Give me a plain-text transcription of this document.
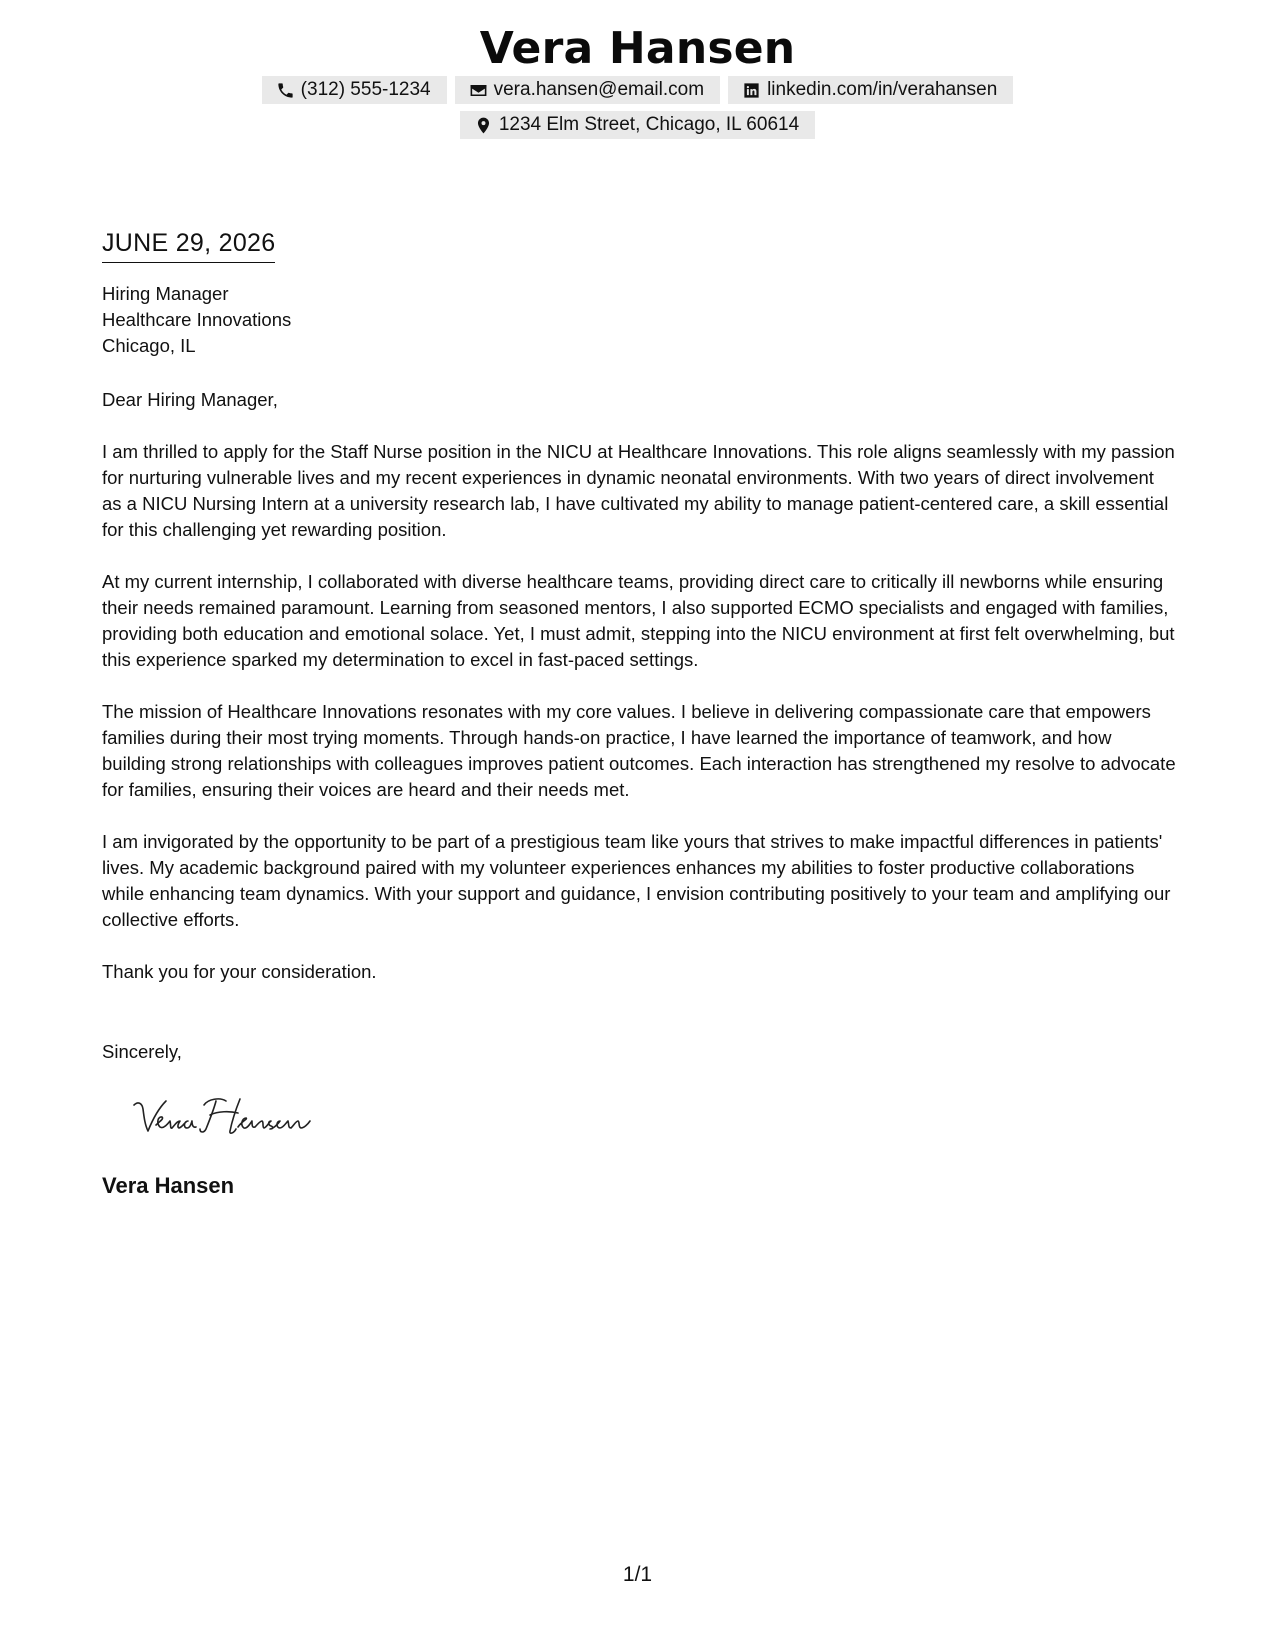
Vera Hansen
(312) 555-1234	vera.hansen@email.com	linkedin.com/in/verahansen
1234 Elm Street, Chicago, IL 60614
JUNE 29, 2026
Hiring Manager
Healthcare Innovations
Chicago, IL
Dear Hiring Manager,

I am thrilled to apply for the Staff Nurse position in the NICU at Healthcare Innovations. This role aligns seamlessly with my passion for nurturing vulnerable lives and my recent experiences in dynamic neonatal environments. With two years of direct involvement as a NICU Nursing Intern at a university research lab, I have cultivated my ability to manage patient-centered care, a skill essential for this challenging yet rewarding position.

At my current internship, I collaborated with diverse healthcare teams, providing direct care to critically ill newborns while ensuring their needs remained paramount. Learning from seasoned mentors, I also supported ECMO specialists and engaged with families, providing both education and emotional solace. Yet, I must admit, stepping into the NICU environment at first felt overwhelming, but this experience sparked my determination to excel in fast-paced settings.

The mission of Healthcare Innovations resonates with my core values. I believe in delivering compassionate care that empowers families during their most trying moments. Through hands-on practice, I have learned the importance of teamwork, and how building strong relationships with colleagues improves patient outcomes. Each interaction has strengthened my resolve to advocate for families, ensuring their voices are heard and their needs met.

I am invigorated by the opportunity to be part of a prestigious team like yours that strives to make impactful differences in patients' lives. My academic background paired with my volunteer experiences enhances my abilities to foster productive collaborations while enhancing team dynamics. With your support and guidance, I envision contributing positively to your team and amplifying our collective efforts.

Thank you for your consideration.
Sincerely,
Vera Hansen
1/1
